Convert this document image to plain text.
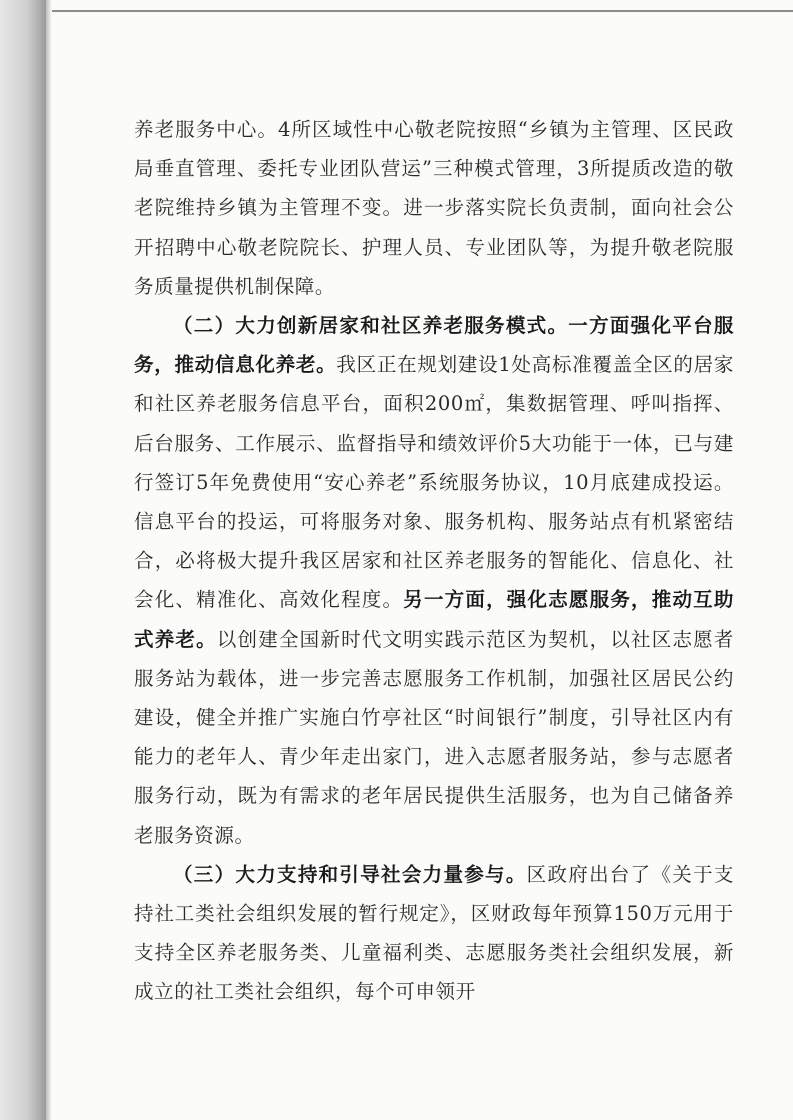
养老服务中心。4所区域性中心敬老院按照“乡镇为主管理、区民政局垂直管理、委托专业团队营运”三种模式管理，3所提质改造的敬老院维持乡镇为主管理不变。进一步落实院长负责制，面向社会公开招聘中心敬老院院长、护理人员、专业团队等，为提升敬老院服务质量提供机制保障。

（二）大力创新居家和社区养老服务模式。一方面强化平台服务，推动信息化养老。我区正在规划建设1处高标准覆盖全区的居家和社区养老服务信息平台，面积200㎡，集数据管理、呼叫指挥、后台服务、工作展示、监督指导和绩效评价5大功能于一体，已与建行签订5年免费使用“安心养老”系统服务协议，10月底建成投运。信息平台的投运，可将服务对象、服务机构、服务站点有机紧密结合，必将极大提升我区居家和社区养老服务的智能化、信息化、社会化、精准化、高效化程度。另一方面，强化志愿服务，推动互助式养老。以创建全国新时代文明实践示范区为契机，以社区志愿者服务站为载体，进一步完善志愿服务工作机制，加强社区居民公约建设，健全并推广实施白竹亭社区“时间银行”制度，引导社区内有能力的老年人、青少年走出家门，进入志愿者服务站，参与志愿者服务行动，既为有需求的老年居民提供生活服务，也为自己储备养老服务资源。

（三）大力支持和引导社会力量参与。区政府出台了《关于支持社工类社会组织发展的暂行规定》，区财政每年预算150万元用于支持全区养老服务类、儿童福利类、志愿服务类社会组织发展，新成立的社工类社会组织，每个可申领开
